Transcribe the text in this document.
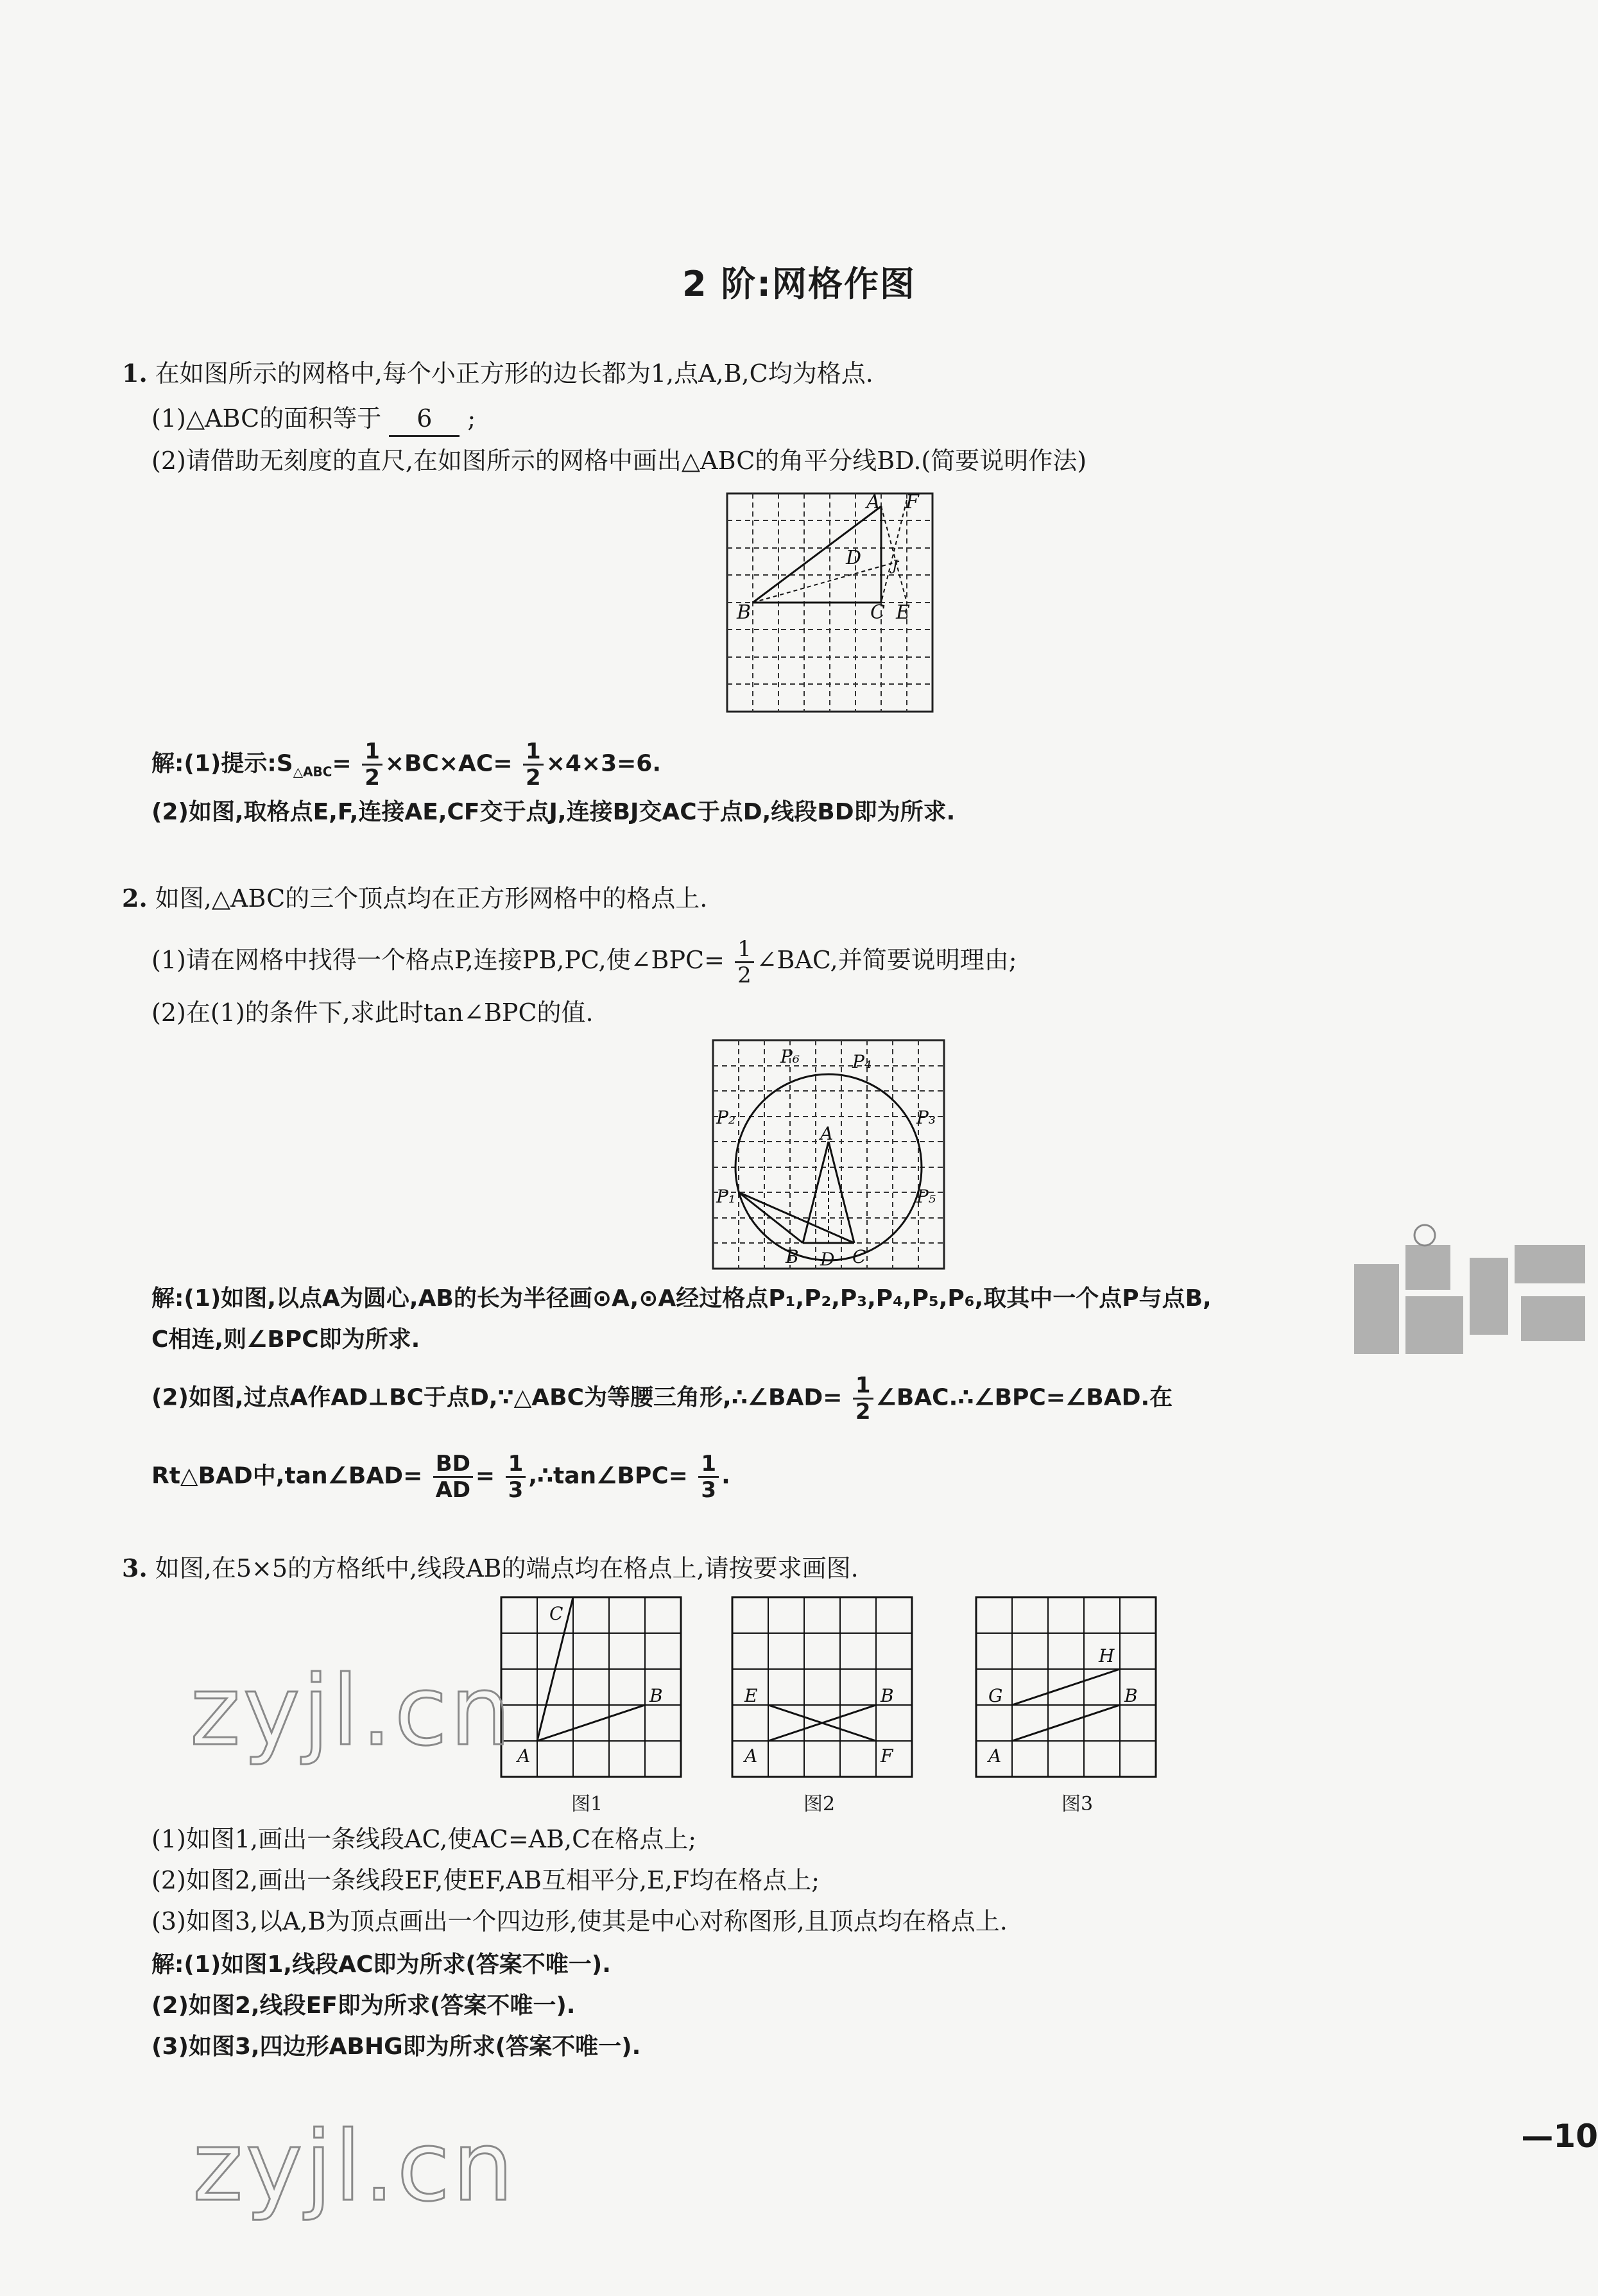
2 阶:网格作图
1. 在如图所示的网格中,每个小正方形的边长都为1,点A,B,C均为格点.
(1)△ABC的面积等于 6 ;
(2)请借助无刻度的直尺,在如图所示的网格中画出△ABC的角平分线BD.(简要说明作法)
A F
D J
B	C E
解:(1)提示$:S_{\triangle ABC}= \frac{1}{2} \times BC\times AC= \frac{1}{2} \times 4\times 3=6$.
(2)如图,取格点E,F,连接AE,CF交于点J,连接BJ交AC于点D,线段BD即为所求.
2. 如图,△ABC的三个顶点均在正方形网格中的格点上.
(1)请在网格中找得一个格点P,连接PB,PC,使∠BPC= $\frac{1}{2}$ ∠BAC,并简要说明理由;
(2)在(1)的条件下,求此时tan∠BPC的值.
P₆	P₄
P₂	P₃
A
P₁	P₅
B D C
解:(1)如图,以点A为圆心,AB的长为半径画⊙A,⊙A经过格点P₁,P₂,P₃,P₄,P₅,P₆,取其中一个点P与点B,
C相连,则∠BPC即为所求.
(2)如图,过点A作AD⊥BC于点D,∵△ABC为等腰三角形,∴∠BAD= $\frac{1}{2}$ ∠BAC.∴∠BPC=∠BAD.在
Rt△BAD中,tan∠BAD= $\frac{BD}{AD} = \frac{1}{3}$ ,∴tan∠BPC= $\frac{1}{3}$ .
3. 如图,在5×5的方格纸中,线段AB的端点均在格点上,请按要求画图.
A
B
C
图1
A
B
E
F
图2
A
B
G
H
图3
zyjl.cn
(1)如图1,画出一条线段AC,使AC=AB,C在格点上;
(2)如图2,画出一条线段EF,使EF,AB互相平分,E,F均在格点上;
(3)如图3,以A,B为顶点画出一个四边形,使其是中心对称图形,且顶点均在格点上.
解:(1)如图1,线段AC即为所求(答案不唯一).
(2)如图2,线段EF即为所求(答案不唯一).
(3)如图3,四边形ABHG即为所求(答案不唯一).
zyjl.cn	—10
